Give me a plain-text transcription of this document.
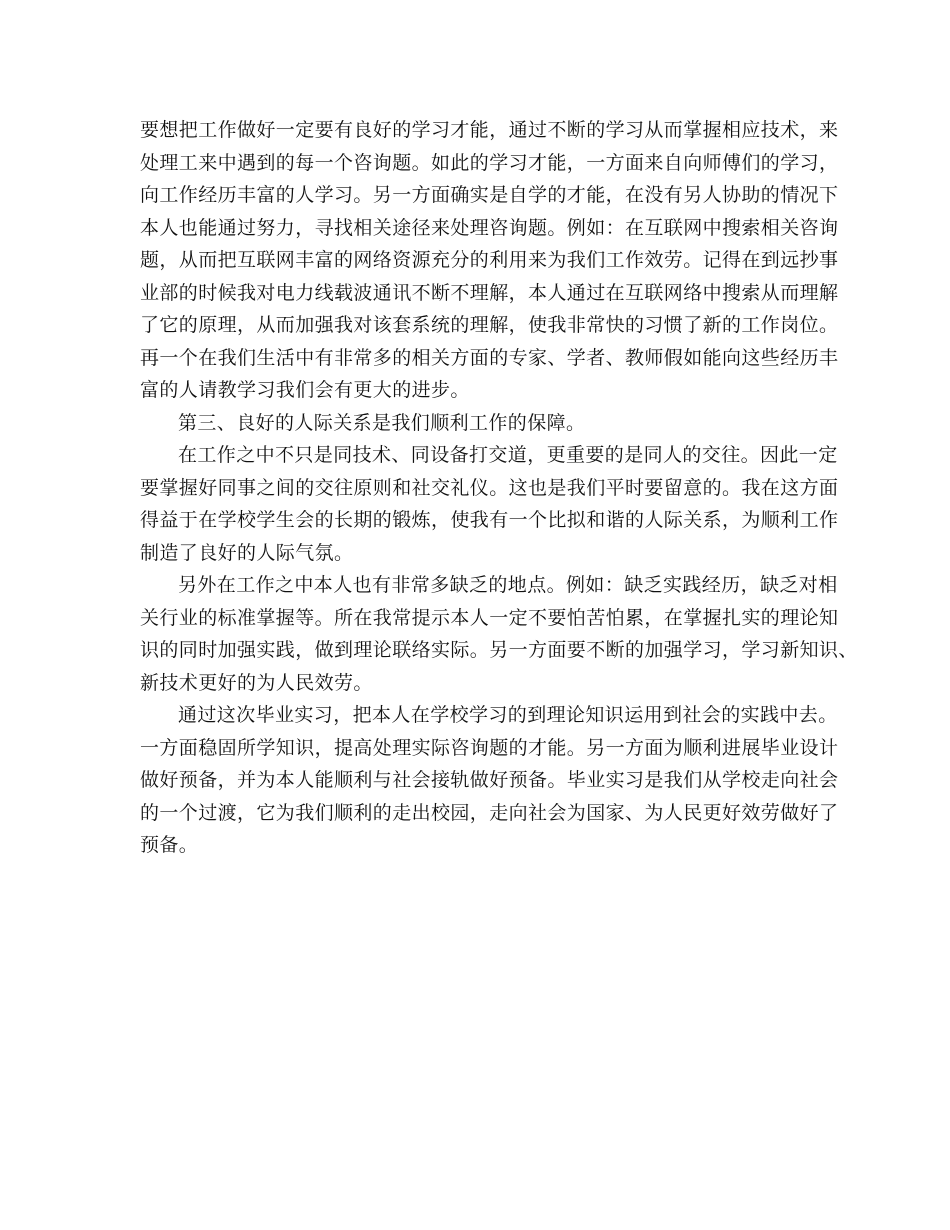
要想把工作做好一定要有良好的学习才能，通过不断的学习从而掌握相应技术，来
处理工来中遇到的每一个咨询题。如此的学习才能，一方面来自向师傅们的学习，
向工作经历丰富的人学习。另一方面确实是自学的才能，在没有另人协助的情况下
本人也能通过努力，寻找相关途径来处理咨询题。例如：在互联网中搜索相关咨询
题，从而把互联网丰富的网络资源充分的利用来为我们工作效劳。记得在到远抄事
业部的时候我对电力线载波通讯不断不理解，本人通过在互联网络中搜索从而理解
了它的原理，从而加强我对该套系统的理解，使我非常快的习惯了新的工作岗位。
再一个在我们生活中有非常多的相关方面的专家、学者、教师假如能向这些经历丰
富的人请教学习我们会有更大的进步。
第三、良好的人际关系是我们顺利工作的保障。
在工作之中不只是同技术、同设备打交道，更重要的是同人的交往。因此一定
要掌握好同事之间的交往原则和社交礼仪。这也是我们平时要留意的。我在这方面
得益于在学校学生会的长期的锻炼，使我有一个比拟和谐的人际关系，为顺利工作
制造了良好的人际气氛。
另外在工作之中本人也有非常多缺乏的地点。例如：缺乏实践经历，缺乏对相
关行业的标准掌握等。所在我常提示本人一定不要怕苦怕累，在掌握扎实的理论知
识的同时加强实践，做到理论联络实际。另一方面要不断的加强学习，学习新知识、
新技术更好的为人民效劳。
通过这次毕业实习，把本人在学校学习的到理论知识运用到社会的实践中去。
一方面稳固所学知识，提高处理实际咨询题的才能。另一方面为顺利进展毕业设计
做好预备，并为本人能顺利与社会接轨做好预备。毕业实习是我们从学校走向社会
的一个过渡，它为我们顺利的走出校园，走向社会为国家、为人民更好效劳做好了
预备。
